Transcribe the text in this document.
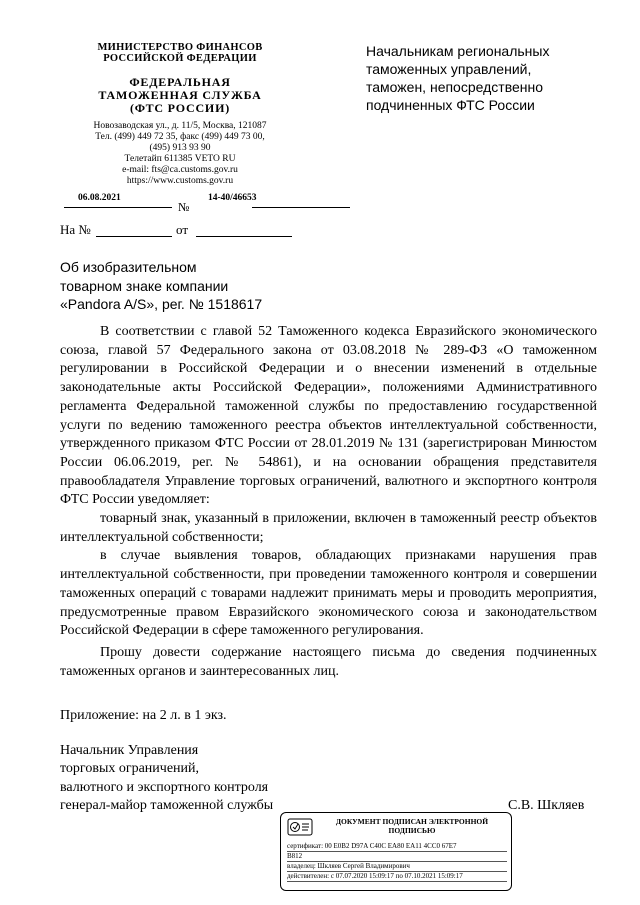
МИНИСТЕРСТВО ФИНАНСОВ
РОССИЙСКОЙ ФЕДЕРАЦИИ
ФЕДЕРАЛЬНАЯ
ТАМОЖЕННАЯ СЛУЖБА
(ФТС РОССИИ)
Новозаводская ул., д. 11/5, Москва, 121087
Тел. (499) 449 72 35, факс (499) 449 73 00,
(495) 913 93 90
Телетайп 611385 VETO RU
e-mail: fts@ca.customs.gov.ru
https://www.customs.gov.ru
06.08.2021
№
14-40/46653
На №	от
Начальникам региональных
таможенных управлений,
таможен, непосредственно
подчиненных ФТС России
Об изобразительном
товарном знаке компании
«Pandora A/S», рег. № 1518617

В соответствии с главой 52 Таможенного кодекса Евразийского экономического союза, главой 57 Федерального закона от 03.08.2018 № 289-ФЗ «О таможенном регулировании в Российской Федерации и о внесении изменений в отдельные законодательные акты Российской Федерации», положениями Административного регламента Федеральной таможенной службы по предоставлению государственной услуги по ведению таможенного реестра объектов интеллектуальной собственности, утвержденного приказом ФТС России от 28.01.2019 № 131 (зарегистрирован Минюстом России 06.06.2019, рег. № 54861), и на основании обращения представителя правообладателя Управление торговых ограничений, валютного и экспортного контроля ФТС России уведомляет:

товарный знак, указанный в приложении, включен в таможенный реестр объектов интеллектуальной собственности;

в случае выявления товаров, обладающих признаками нарушения прав интеллектуальной собственности, при проведении таможенного контроля и совершении таможенных операций с товарами надлежит принимать меры и проводить мероприятия, предусмотренные правом Евразийского экономического союза и законодательством Российской Федерации в сфере таможенного регулирования.

Прошу довести содержание настоящего письма до сведения подчиненных таможенных органов и заинтересованных лиц.

Приложение: на 2 л. в 1 экз.
Начальник Управления
торговых ограничений,
валютного и экспортного контроля
генерал-майор таможенной службы	С.В. Шкляев
ДОКУМЕНТ ПОДПИСАН ЭЛЕКТРОННОЙ
ПОДПИСЬЮ
сертификат: 00 E0B2 D97A C40C EA80 EA11 4CC0 67E7
B812
владелец: Шкляев Сергей Владимирович
действителен: с 07.07.2020 15:09:17 по 07.10.2021 15:09:17
